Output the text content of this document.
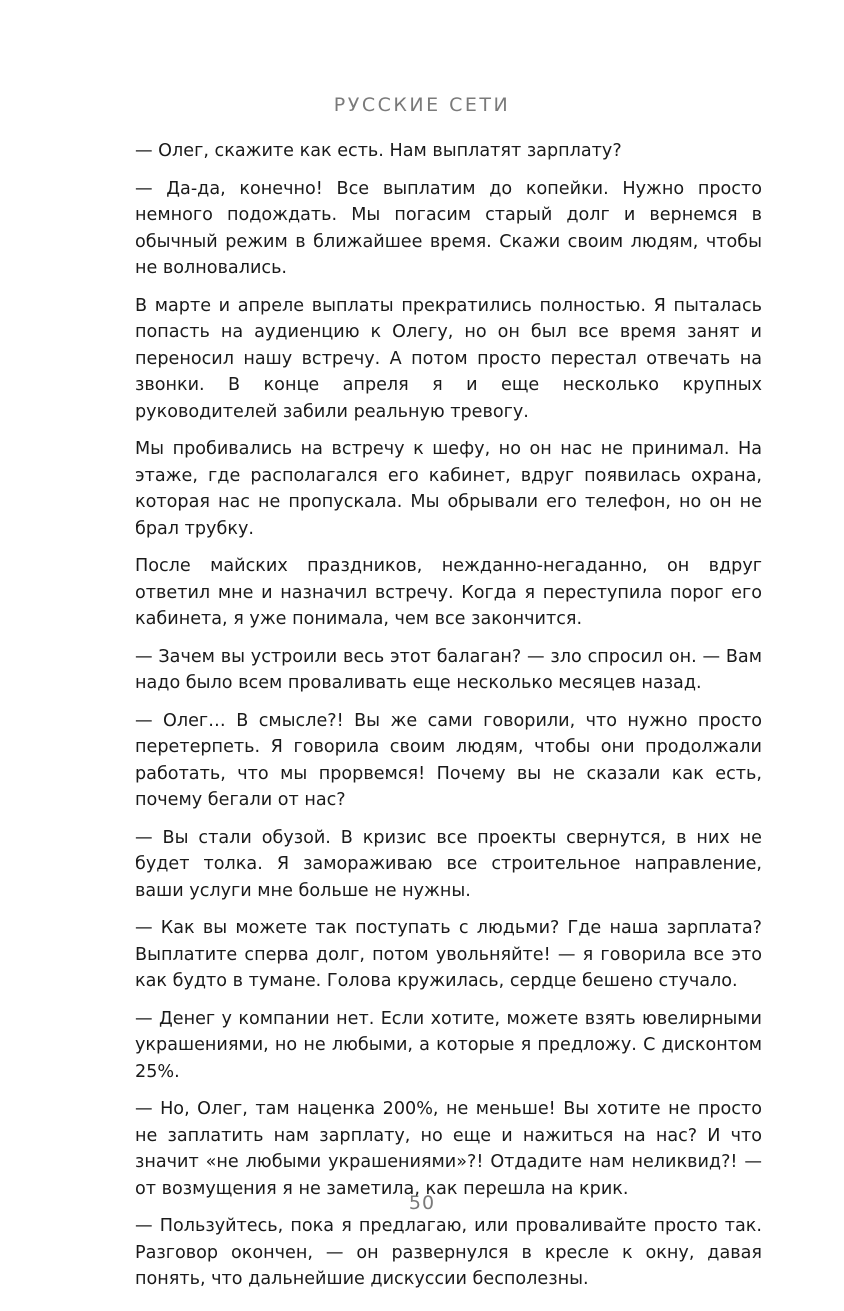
РУССКИЕ СЕТИ

— Олег, скажите как есть. Нам выплатят зарплату?

— Да-да, конечно! Все выплатим до копейки. Нужно просто немного подождать. Мы погасим старый долг и вернемся в обычный режим в ближайшее время. Скажи своим людям, чтобы не волновались.

В марте и апреле выплаты прекратились полностью. Я пыталась попасть на аудиенцию к Олегу, но он был все время занят и переносил нашу встречу. А потом просто перестал отвечать на звонки. В конце апреля я и еще несколько крупных руководителей забили реальную тревогу.

Мы пробивались на встречу к шефу, но он нас не принимал. На этаже, где располагался его кабинет, вдруг появилась охрана, которая нас не пропускала. Мы обрывали его телефон, но он не брал трубку.

После майских праздников, нежданно-негаданно, он вдруг ответил мне и назначил встречу. Когда я переступила порог его кабинета, я уже понимала, чем все закончится.

— Зачем вы устроили весь этот балаган? — зло спросил он. — Вам надо было всем проваливать еще несколько месяцев назад.

— Олег… В смысле?! Вы же сами говорили, что нужно просто перетерпеть. Я говорила своим людям, чтобы они продолжали работать, что мы прорвемся! Почему вы не сказали как есть, почему бегали от нас?

— Вы стали обузой. В кризис все проекты свернутся, в них не будет толка. Я замораживаю все строительное направление, ваши услуги мне больше не нужны.

— Как вы можете так поступать с людьми? Где наша зарплата? Выплатите сперва долг, потом увольняйте! — я говорила все это как будто в тумане. Голова кружилась, сердце бешено стучало.

— Денег у компании нет. Если хотите, можете взять ювелирными украшениями, но не любыми, а которые я предложу. С дисконтом 25%.

— Но, Олег, там наценка 200%, не меньше! Вы хотите не просто не заплатить нам зарплату, но еще и нажиться на нас? И что значит «не любыми украшениями»?! Отдадите нам неликвид?! — от возмущения я не заметила, как перешла на крик.

— Пользуйтесь, пока я предлагаю, или проваливайте просто так. Разговор окончен, — он развернулся в кресле к окну, давая понять, что дальнейшие дискуссии бесполезны.

50
